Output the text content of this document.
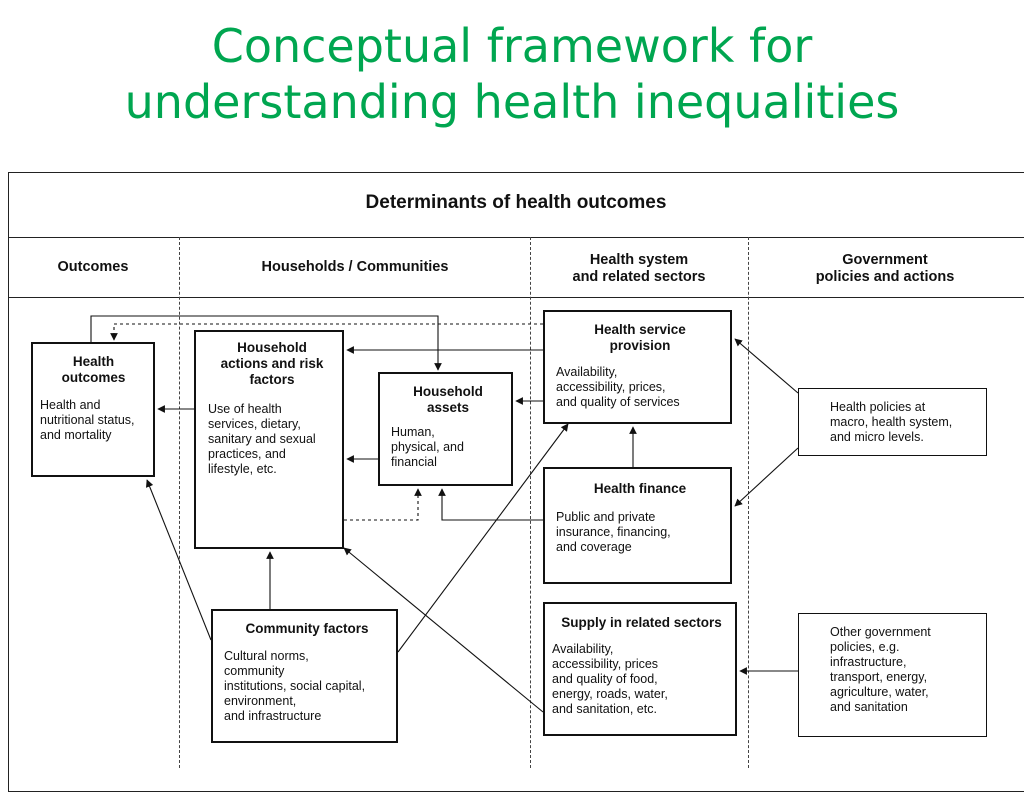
Conceptual framework for
understanding health inequalities
Determinants of health outcomes
Outcomes	Households / Communities	Health system
and related sectors
Government
policies and actions
Health
outcomes
Health and
nutritional status,
and mortality
Household
actions and risk
factors
Use of health
services, dietary,
sanitary and sexual
practices, and
lifestyle, etc.
Household
assets
Human,
physical, and
financial
Community factors
Cultural norms,
community
institutions, social capital,
environment,
and infrastructure
Health service
provision
Availability,
accessibility, prices,
and quality of services
Health finance
Public and private
insurance, financing,
and coverage
Supply in related sectors
Availability,
accessibility, prices
and quality of food,
energy, roads, water,
and sanitation, etc.
Health policies at
macro, health system,
and micro levels.
Other government
policies, e.g.
infrastructure,
transport, energy,
agriculture, water,
and sanitation
